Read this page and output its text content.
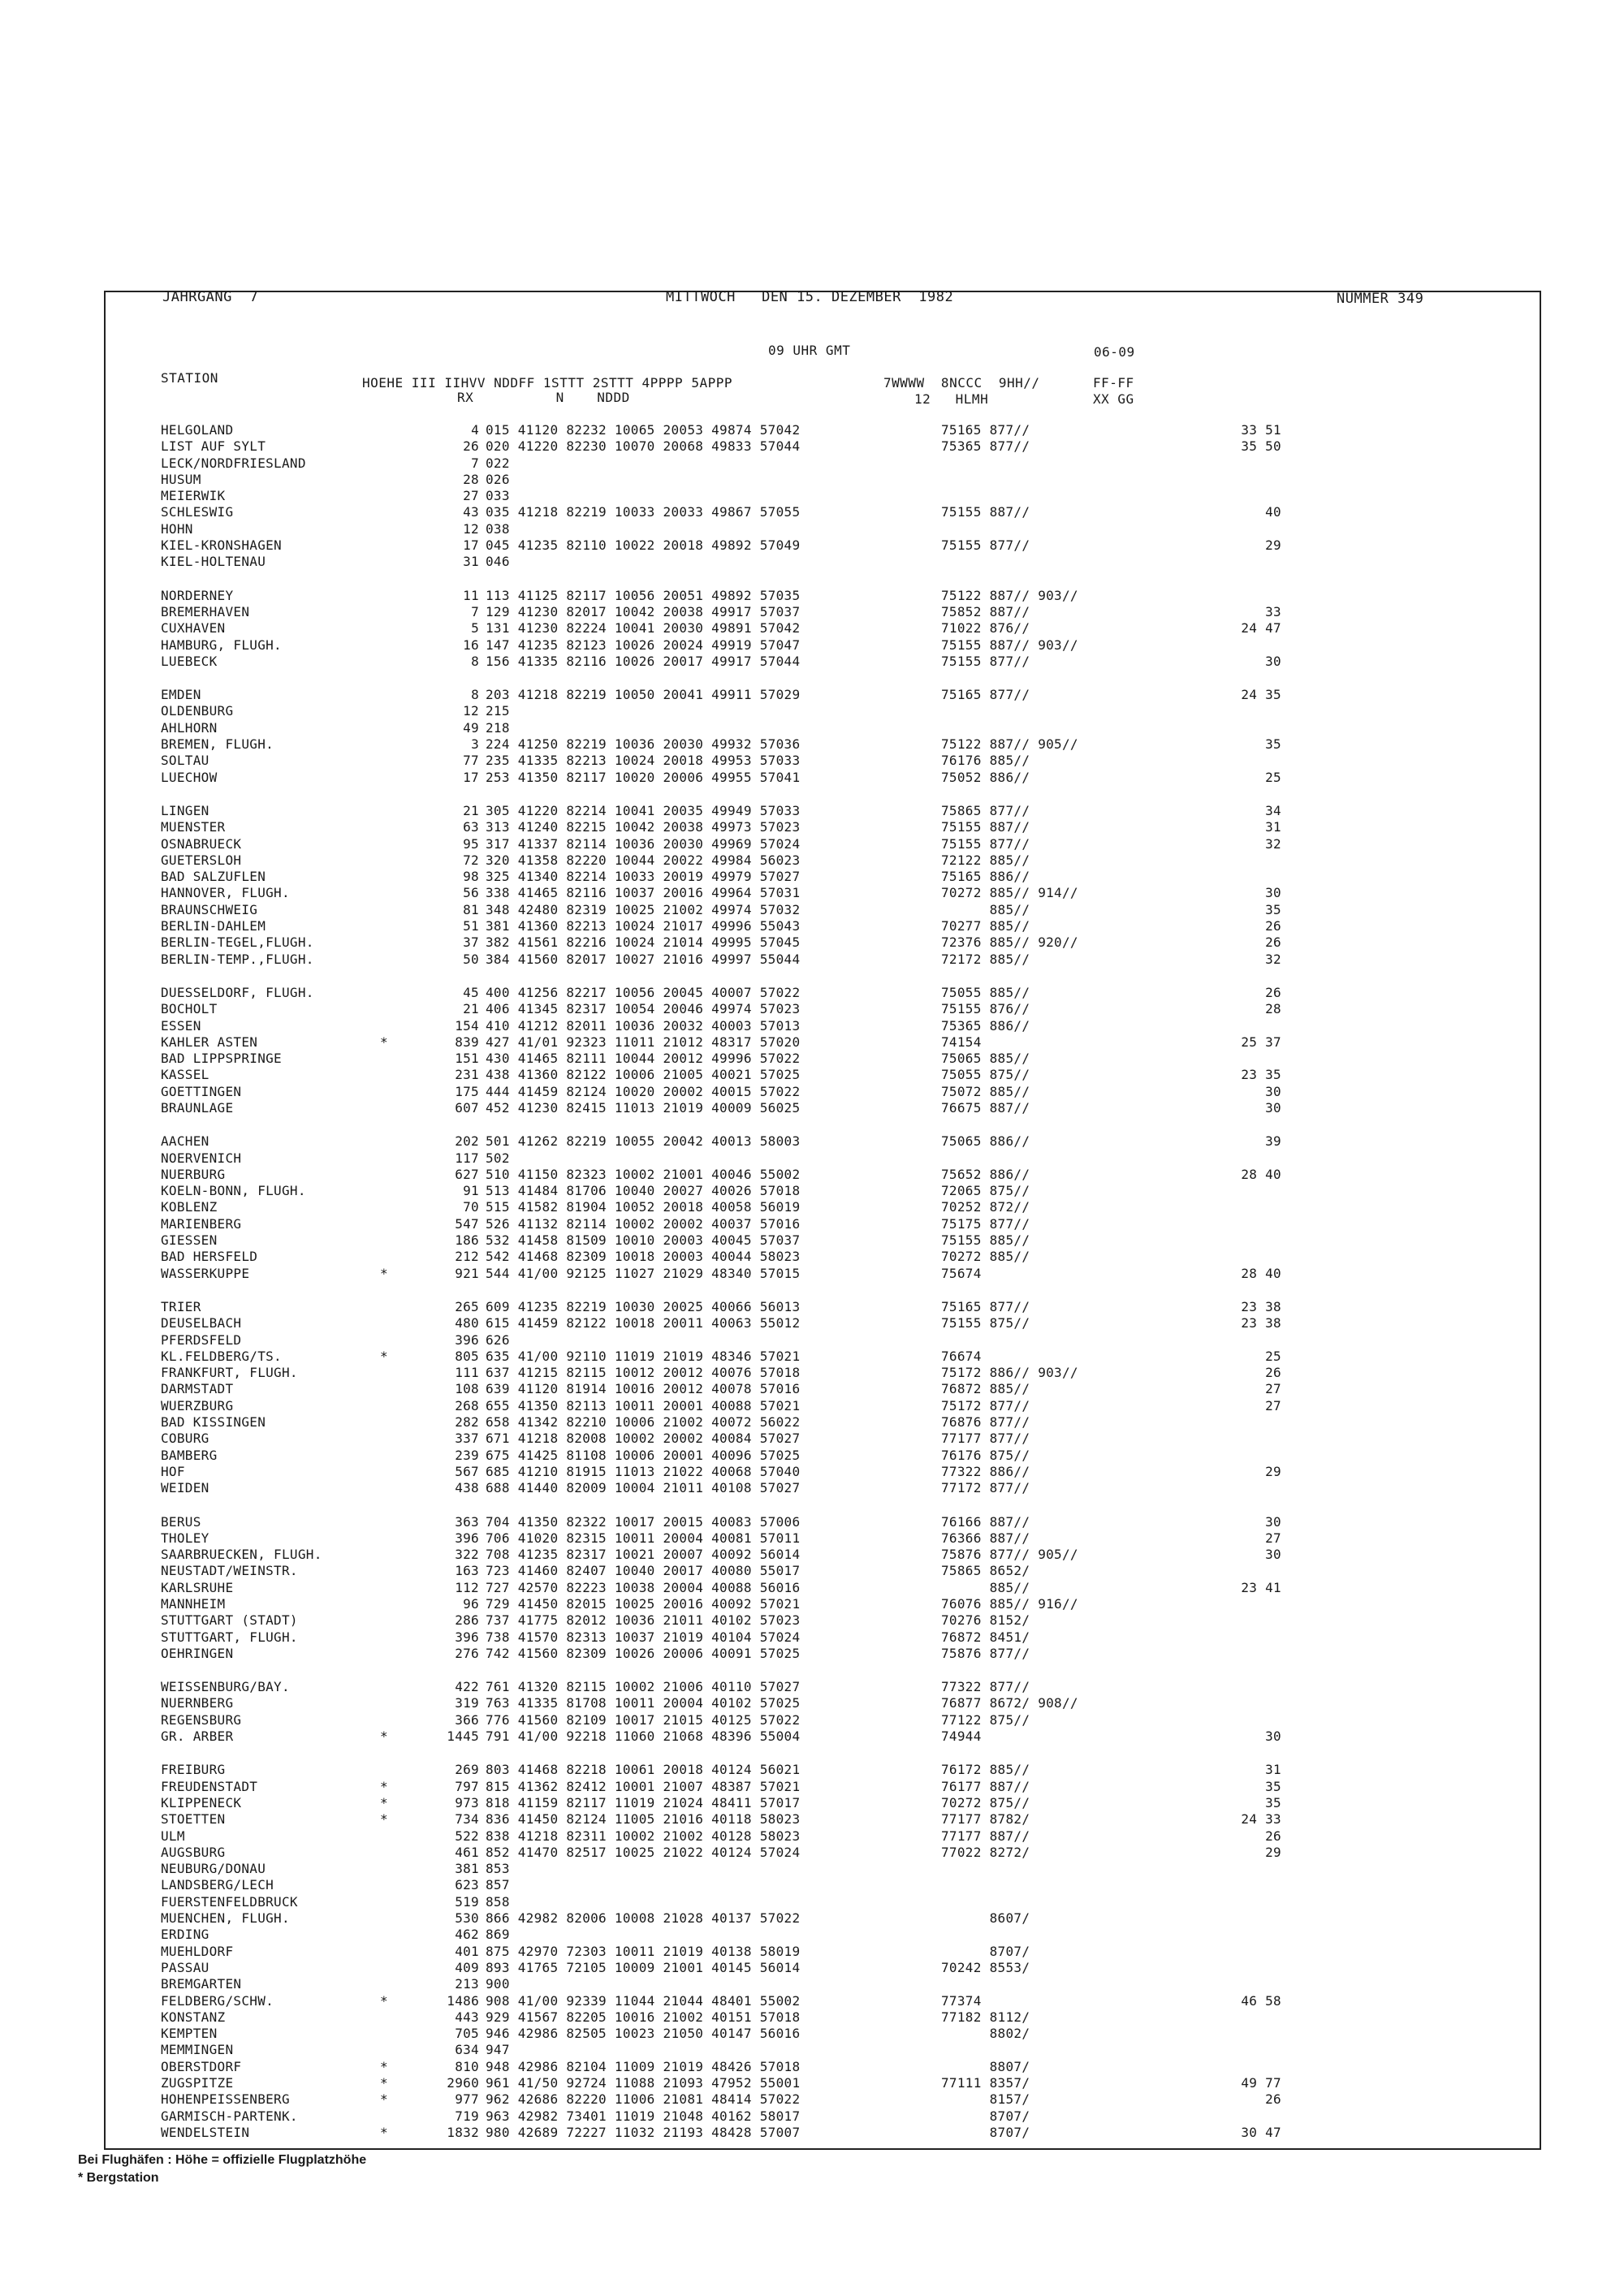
JAHRGANG  7	MITTWOCH   DEN 15. DEZEMBER  1982	NUMMER 349
09 UHR GMT	06-09
STATION	HOEHE III IIHVV NDDFF 1STTT 2STTT 4PPPP 5APPP
RX          N    NDDD
7WWWW  8NCCC  9HH//
12   HLMH
FF-FF
XX GG
HELGOLAND	4 015 41120 82232 10065 20053 49874 57042	75165 877//	33 51
LIST AUF SYLT	26 020 41220 82230 10070 20068 49833 57044	75365 877//	35 50
LECK/NORDFRIESLAND	7 022
HUSUM	28 026
MEIERWIK	27 033
SCHLESWIG	43 035 41218 82219 10033 20033 49867 57055	75155 887//	40
HOHN	12 038
KIEL-KRONSHAGEN	17 045 41235 82110 10022 20018 49892 57049	75155 877//	29
KIEL-HOLTENAU	31 046
NORDERNEY	11 113 41125 82117 10056 20051 49892 57035	75122 887// 903//
BREMERHAVEN	7 129 41230 82017 10042 20038 49917 57037	75852 887//	33
CUXHAVEN	5 131 41230 82224 10041 20030 49891 57042	71022 876//	24 47
HAMBURG, FLUGH.	16 147 41235 82123 10026 20024 49919 57047	75155 887// 903//
LUEBECK	8 156 41335 82116 10026 20017 49917 57044	75155 877//	30
EMDEN	8 203 41218 82219 10050 20041 49911 57029	75165 877//	24 35
OLDENBURG	12 215
AHLHORN	49 218
BREMEN, FLUGH.	3 224 41250 82219 10036 20030 49932 57036	75122 887// 905//	35
SOLTAU	77 235 41335 82213 10024 20018 49953 57033	76176 885//
LUECHOW	17 253 41350 82117 10020 20006 49955 57041	75052 886//	25
LINGEN	21 305 41220 82214 10041 20035 49949 57033	75865 877//	34
MUENSTER	63 313 41240 82215 10042 20038 49973 57023	75155 887//	31
OSNABRUECK	95 317 41337 82114 10036 20030 49969 57024	75155 877//	32
GUETERSLOH	72 320 41358 82220 10044 20022 49984 56023	72122 885//
BAD SALZUFLEN	98 325 41340 82214 10033 20019 49979 57027	75165 886//
HANNOVER, FLUGH.	56 338 41465 82116 10037 20016 49964 57031	70272 885// 914//	30
BRAUNSCHWEIG	81 348 42480 82319 10025 21002 49974 57032	885//	35
BERLIN-DAHLEM	51 381 41360 82213 10024 21017 49996 55043	70277 885//	26
BERLIN-TEGEL,FLUGH.	37 382 41561 82216 10024 21014 49995 57045	72376 885// 920//	26
BERLIN-TEMP.,FLUGH.	50 384 41560 82017 10027 21016 49997 55044	72172 885//	32
DUESSELDORF, FLUGH.	45 400 41256 82217 10056 20045 40007 57022	75055 885//	26
BOCHOLT	21 406 41345 82317 10054 20046 49974 57023	75155 876//	28
ESSEN	154 410 41212 82011 10036 20032 40003 57013	75365 886//
KAHLER ASTEN	*	839 427 41/01 92323 11011 21012 48317 57020	74154	25 37
BAD LIPPSPRINGE	151 430 41465 82111 10044 20012 49996 57022	75065 885//
KASSEL	231 438 41360 82122 10006 21005 40021 57025	75055 875//	23 35
GOETTINGEN	175 444 41459 82124 10020 20002 40015 57022	75072 885//	30
BRAUNLAGE	607 452 41230 82415 11013 21019 40009 56025	76675 887//	30
AACHEN	202 501 41262 82219 10055 20042 40013 58003	75065 886//	39
NOERVENICH	117 502
NUERBURG	627 510 41150 82323 10002 21001 40046 55002	75652 886//	28 40
KOELN-BONN, FLUGH.	91 513 41484 81706 10040 20027 40026 57018	72065 875//
KOBLENZ	70 515 41582 81904 10052 20018 40058 56019	70252 872//
MARIENBERG	547 526 41132 82114 10002 20002 40037 57016	75175 877//
GIESSEN	186 532 41458 81509 10010 20003 40045 57037	75155 885//
BAD HERSFELD	212 542 41468 82309 10018 20003 40044 58023	70272 885//
WASSERKUPPE	*	921 544 41/00 92125 11027 21029 48340 57015	75674	28 40
TRIER	265 609 41235 82219 10030 20025 40066 56013	75165 877//	23 38
DEUSELBACH	480 615 41459 82122 10018 20011 40063 55012	75155 875//	23 38
PFERDSFELD	396 626
KL.FELDBERG/TS.	*	805 635 41/00 92110 11019 21019 48346 57021	76674	25
FRANKFURT, FLUGH.	111 637 41215 82115 10012 20012 40076 57018	75172 886// 903//	26
DARMSTADT	108 639 41120 81914 10016 20012 40078 57016	76872 885//	27
WUERZBURG	268 655 41350 82113 10011 20001 40088 57021	75172 877//	27
BAD KISSINGEN	282 658 41342 82210 10006 21002 40072 56022	76876 877//
COBURG	337 671 41218 82008 10002 20002 40084 57027	77177 877//
BAMBERG	239 675 41425 81108 10006 20001 40096 57025	76176 875//
HOF	567 685 41210 81915 11013 21022 40068 57040	77322 886//	29
WEIDEN	438 688 41440 82009 10004 21011 40108 57027	77172 877//
BERUS	363 704 41350 82322 10017 20015 40083 57006	76166 887//	30
THOLEY	396 706 41020 82315 10011 20004 40081 57011	76366 887//	27
SAARBRUECKEN, FLUGH.	322 708 41235 82317 10021 20007 40092 56014	75876 877// 905//	30
NEUSTADT/WEINSTR.	163 723 41460 82407 10040 20017 40080 55017	75865 8652/
KARLSRUHE	112 727 42570 82223 10038 20004 40088 56016	885//	23 41
MANNHEIM	96 729 41450 82015 10025 20016 40092 57021	76076 885// 916//
STUTTGART (STADT)	286 737 41775 82012 10036 21011 40102 57023	70276 8152/
STUTTGART, FLUGH.	396 738 41570 82313 10037 21019 40104 57024	76872 8451/
OEHRINGEN	276 742 41560 82309 10026 20006 40091 57025	75876 877//
WEISSENBURG/BAY.	422 761 41320 82115 10002 21006 40110 57027	77322 877//
NUERNBERG	319 763 41335 81708 10011 20004 40102 57025	76877 8672/ 908//
REGENSBURG	366 776 41560 82109 10017 21015 40125 57022	77122 875//
GR. ARBER	*	1445 791 41/00 92218 11060 21068 48396 55004	74944	30
FREIBURG	269 803 41468 82218 10061 20018 40124 56021	76172 885//	31
FREUDENSTADT	*	797 815 41362 82412 10001 21007 48387 57021	76177 887//	35
KLIPPENECK	*	973 818 41159 82117 11019 21024 48411 57017	70272 875//	35
STOETTEN	*	734 836 41450 82124 11005 21016 40118 58023	77177 8782/	24 33
ULM	522 838 41218 82311 10002 21002 40128 58023	77177 887//	26
AUGSBURG	461 852 41470 82517 10025 21022 40124 57024	77022 8272/	29
NEUBURG/DONAU	381 853
LANDSBERG/LECH	623 857
FUERSTENFELDBRUCK	519 858
MUENCHEN, FLUGH.	530 866 42982 82006 10008 21028 40137 57022	8607/
ERDING	462 869
MUEHLDORF	401 875 42970 72303 10011 21019 40138 58019	8707/
PASSAU	409 893 41765 72105 10009 21001 40145 56014	70242 8553/
BREMGARTEN	213 900
FELDBERG/SCHW.	*	1486 908 41/00 92339 11044 21044 48401 55002	77374	46 58
KONSTANZ	443 929 41567 82205 10016 21002 40151 57018	77182 8112/
KEMPTEN	705 946 42986 82505 10023 21050 40147 56016	8802/
MEMMINGEN	634 947
OBERSTDORF	*	810 948 42986 82104 11009 21019 48426 57018	8807/
ZUGSPITZE	*	2960 961 41/50 92724 11088 21093 47952 55001	77111 8357/	49 77
HOHENPEISSENBERG	*	977 962 42686 82220 11006 21081 48414 57022	8157/	26
GARMISCH-PARTENK.	719 963 42982 73401 11019 21048 40162 58017	8707/
WENDELSTEIN	*	1832 980 42689 72227 11032 21193 48428 57007	8707/	30 47
Bei Flughäfen : Höhe = offizielle Flugplatzhöhe
* Bergstation
